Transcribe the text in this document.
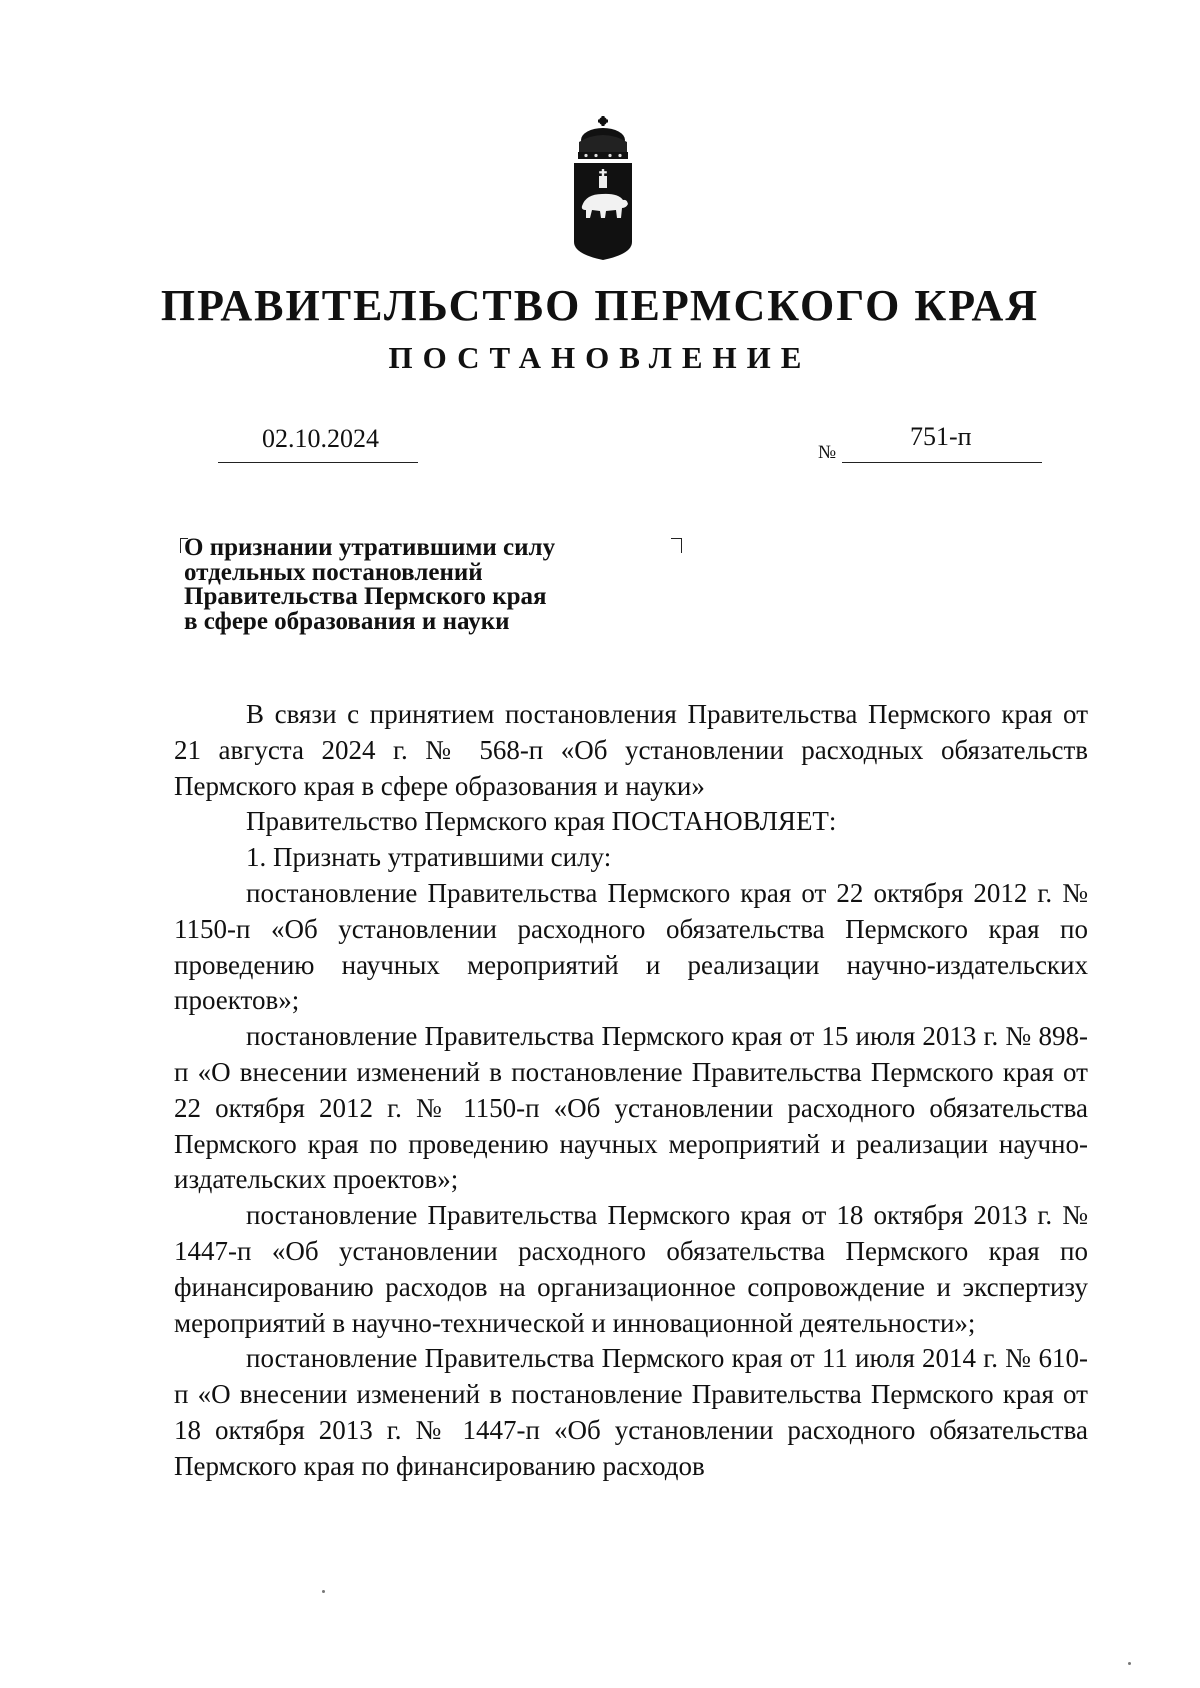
ПРАВИТЕЛЬСТВО ПЕРМСКОГО КРАЯ
ПОСТАНОВЛЕНИЕ
02.10.2024	№
751-п
О признании утратившими силу
отдельных постановлений
Правительства Пермского края
в сфере образования и науки

В связи с принятием постановления Правительства Пермского края от 21 августа 2024 г. № 568-п «Об установлении расходных обязательств Пермского края в сфере образования и науки»

Правительство Пермского края ПОСТАНОВЛЯЕТ:

1. Признать утратившими силу:

постановление Правительства Пермского края от 22 октября 2012 г. № 1150-п «Об установлении расходного обязательства Пермского края по проведению научных мероприятий и реализации научно-издательских проектов»;

постановление Правительства Пермского края от 15 июля 2013 г. № 898-п «О внесении изменений в постановление Правительства Пермского края от 22 октября 2012 г. № 1150-п «Об установлении расходного обязательства Пермского края по проведению научных мероприятий и реализации научно-издательских проектов»;

постановление Правительства Пермского края от 18 октября 2013 г. № 1447-п «Об установлении расходного обязательства Пермского края по финансированию расходов на организационное сопровождение и экспертизу мероприятий в научно-технической и инновационной деятельности»;

постановление Правительства Пермского края от 11 июля 2014 г. № 610-п «О внесении изменений в постановление Правительства Пермского края от 18 октября 2013 г. № 1447-п «Об установлении расходного обязательства Пермского края по финансированию расходов
